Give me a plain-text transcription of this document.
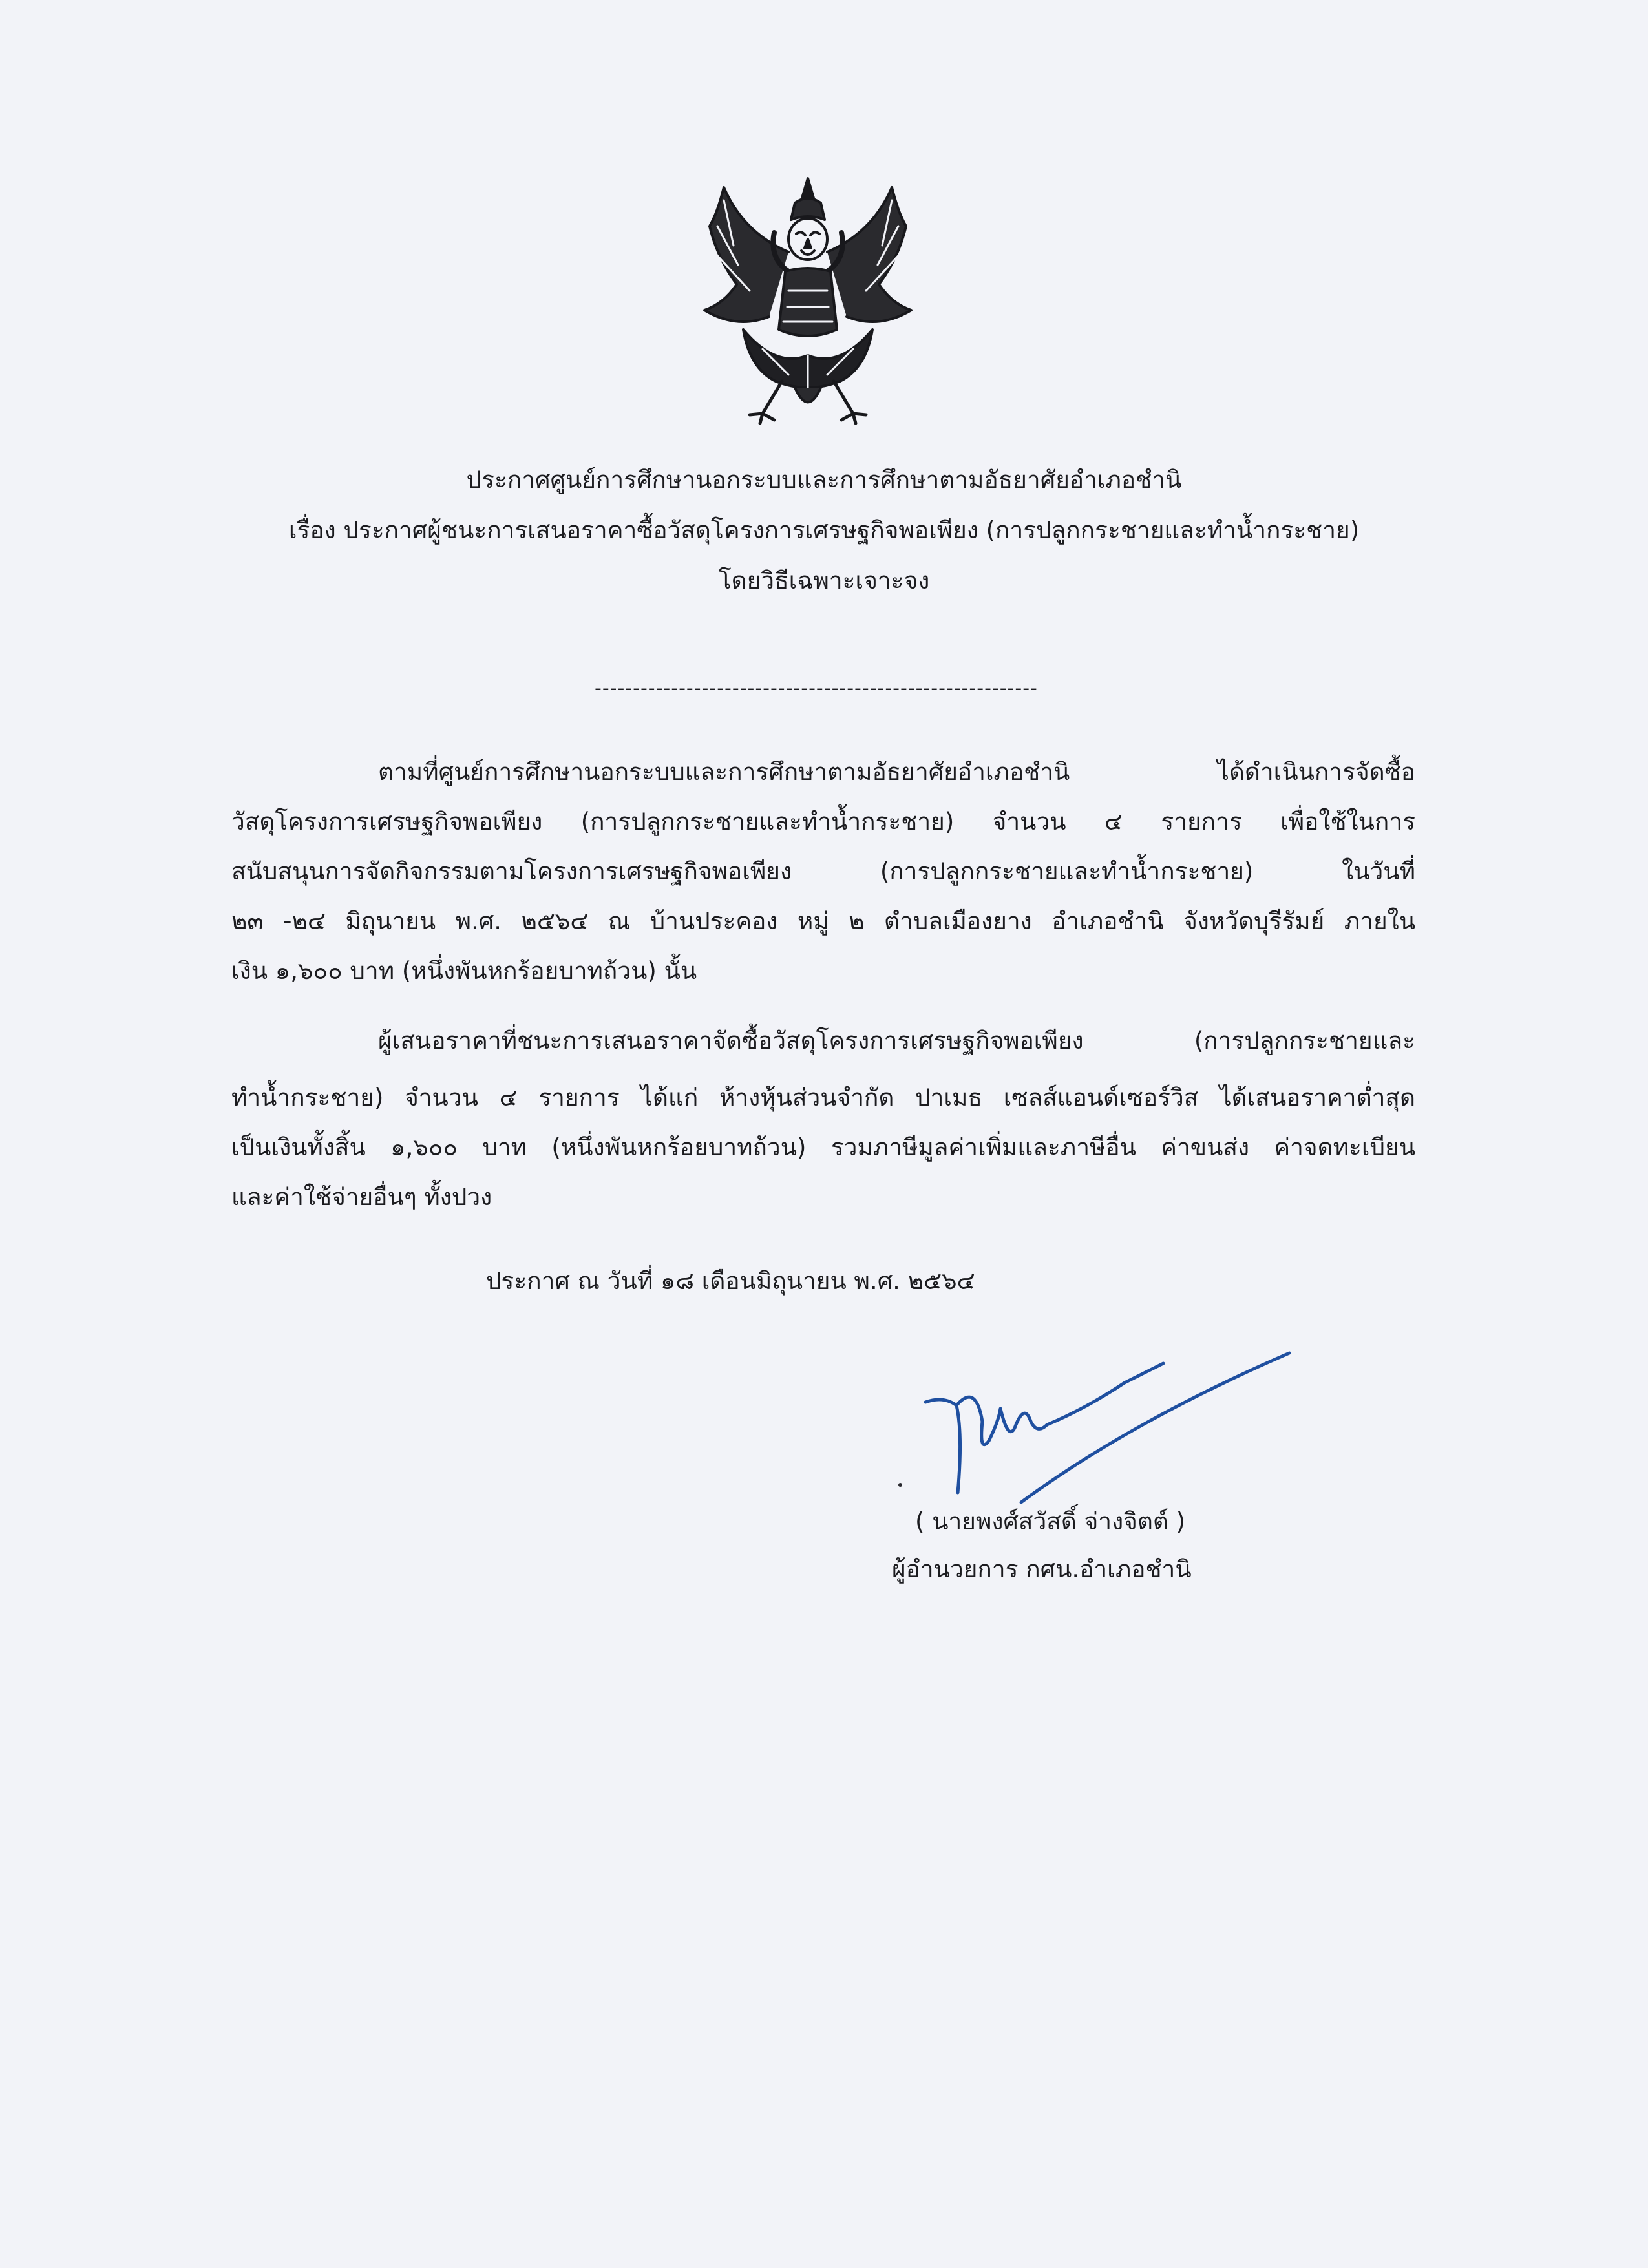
ประกาศศูนย์การศึกษานอกระบบและการศึกษาตามอัธยาศัยอำเภอชำนิ
เรื่อง ประกาศผู้ชนะการเสนอราคาซื้อวัสดุโครงการเศรษฐกิจพอเพียง (การปลูกกระชายและทำน้ำกระชาย)
โดยวิธีเฉพาะเจาะจง
----------------------------------------------------------
ตามที่ศูนย์การศึกษานอกระบบและการศึกษาตามอัธยาศัยอำเภอชำนิ ได้ดำเนินการจัดซื้อ
วัสดุโครงการเศรษฐกิจพอเพียง (การปลูกกระชายและทำน้ำกระชาย) จำนวน ๔ รายการ เพื่อใช้ในการ
สนับสนุนการจัดกิจกรรมตามโครงการเศรษฐกิจพอเพียง (การปลูกกระชายและทำน้ำกระชาย) ในวันที่
๒๓ -๒๔ มิถุนายน พ.ศ. ๒๕๖๔ ณ บ้านประคอง หมู่ ๒ ตำบลเมืองยาง อำเภอชำนิ จังหวัดบุรีรัมย์ ภายใน
เงิน ๑,๖๐๐ บาท (หนึ่งพันหกร้อยบาทถ้วน) นั้น
ผู้เสนอราคาที่ชนะการเสนอราคาจัดซื้อวัสดุโครงการเศรษฐกิจพอเพียง (การปลูกกระชายและ
ทำน้ำกระชาย) จำนวน ๔ รายการ ได้แก่ ห้างหุ้นส่วนจำกัด ปาเมธ เซลส์แอนด์เซอร์วิส ได้เสนอราคาต่ำสุด
เป็นเงินทั้งสิ้น ๑,๖๐๐ บาท (หนึ่งพันหกร้อยบาทถ้วน) รวมภาษีมูลค่าเพิ่มและภาษีอื่น ค่าขนส่ง ค่าจดทะเบียน
และค่าใช้จ่ายอื่นๆ ทั้งปวง
ประกาศ ณ วันที่ ๑๘ เดือนมิถุนายน พ.ศ. ๒๕๖๔
( นายพงศ์สวัสดิ์ จ่างจิตต์ )
ผู้อำนวยการ กศน.อำเภอชำนิ
